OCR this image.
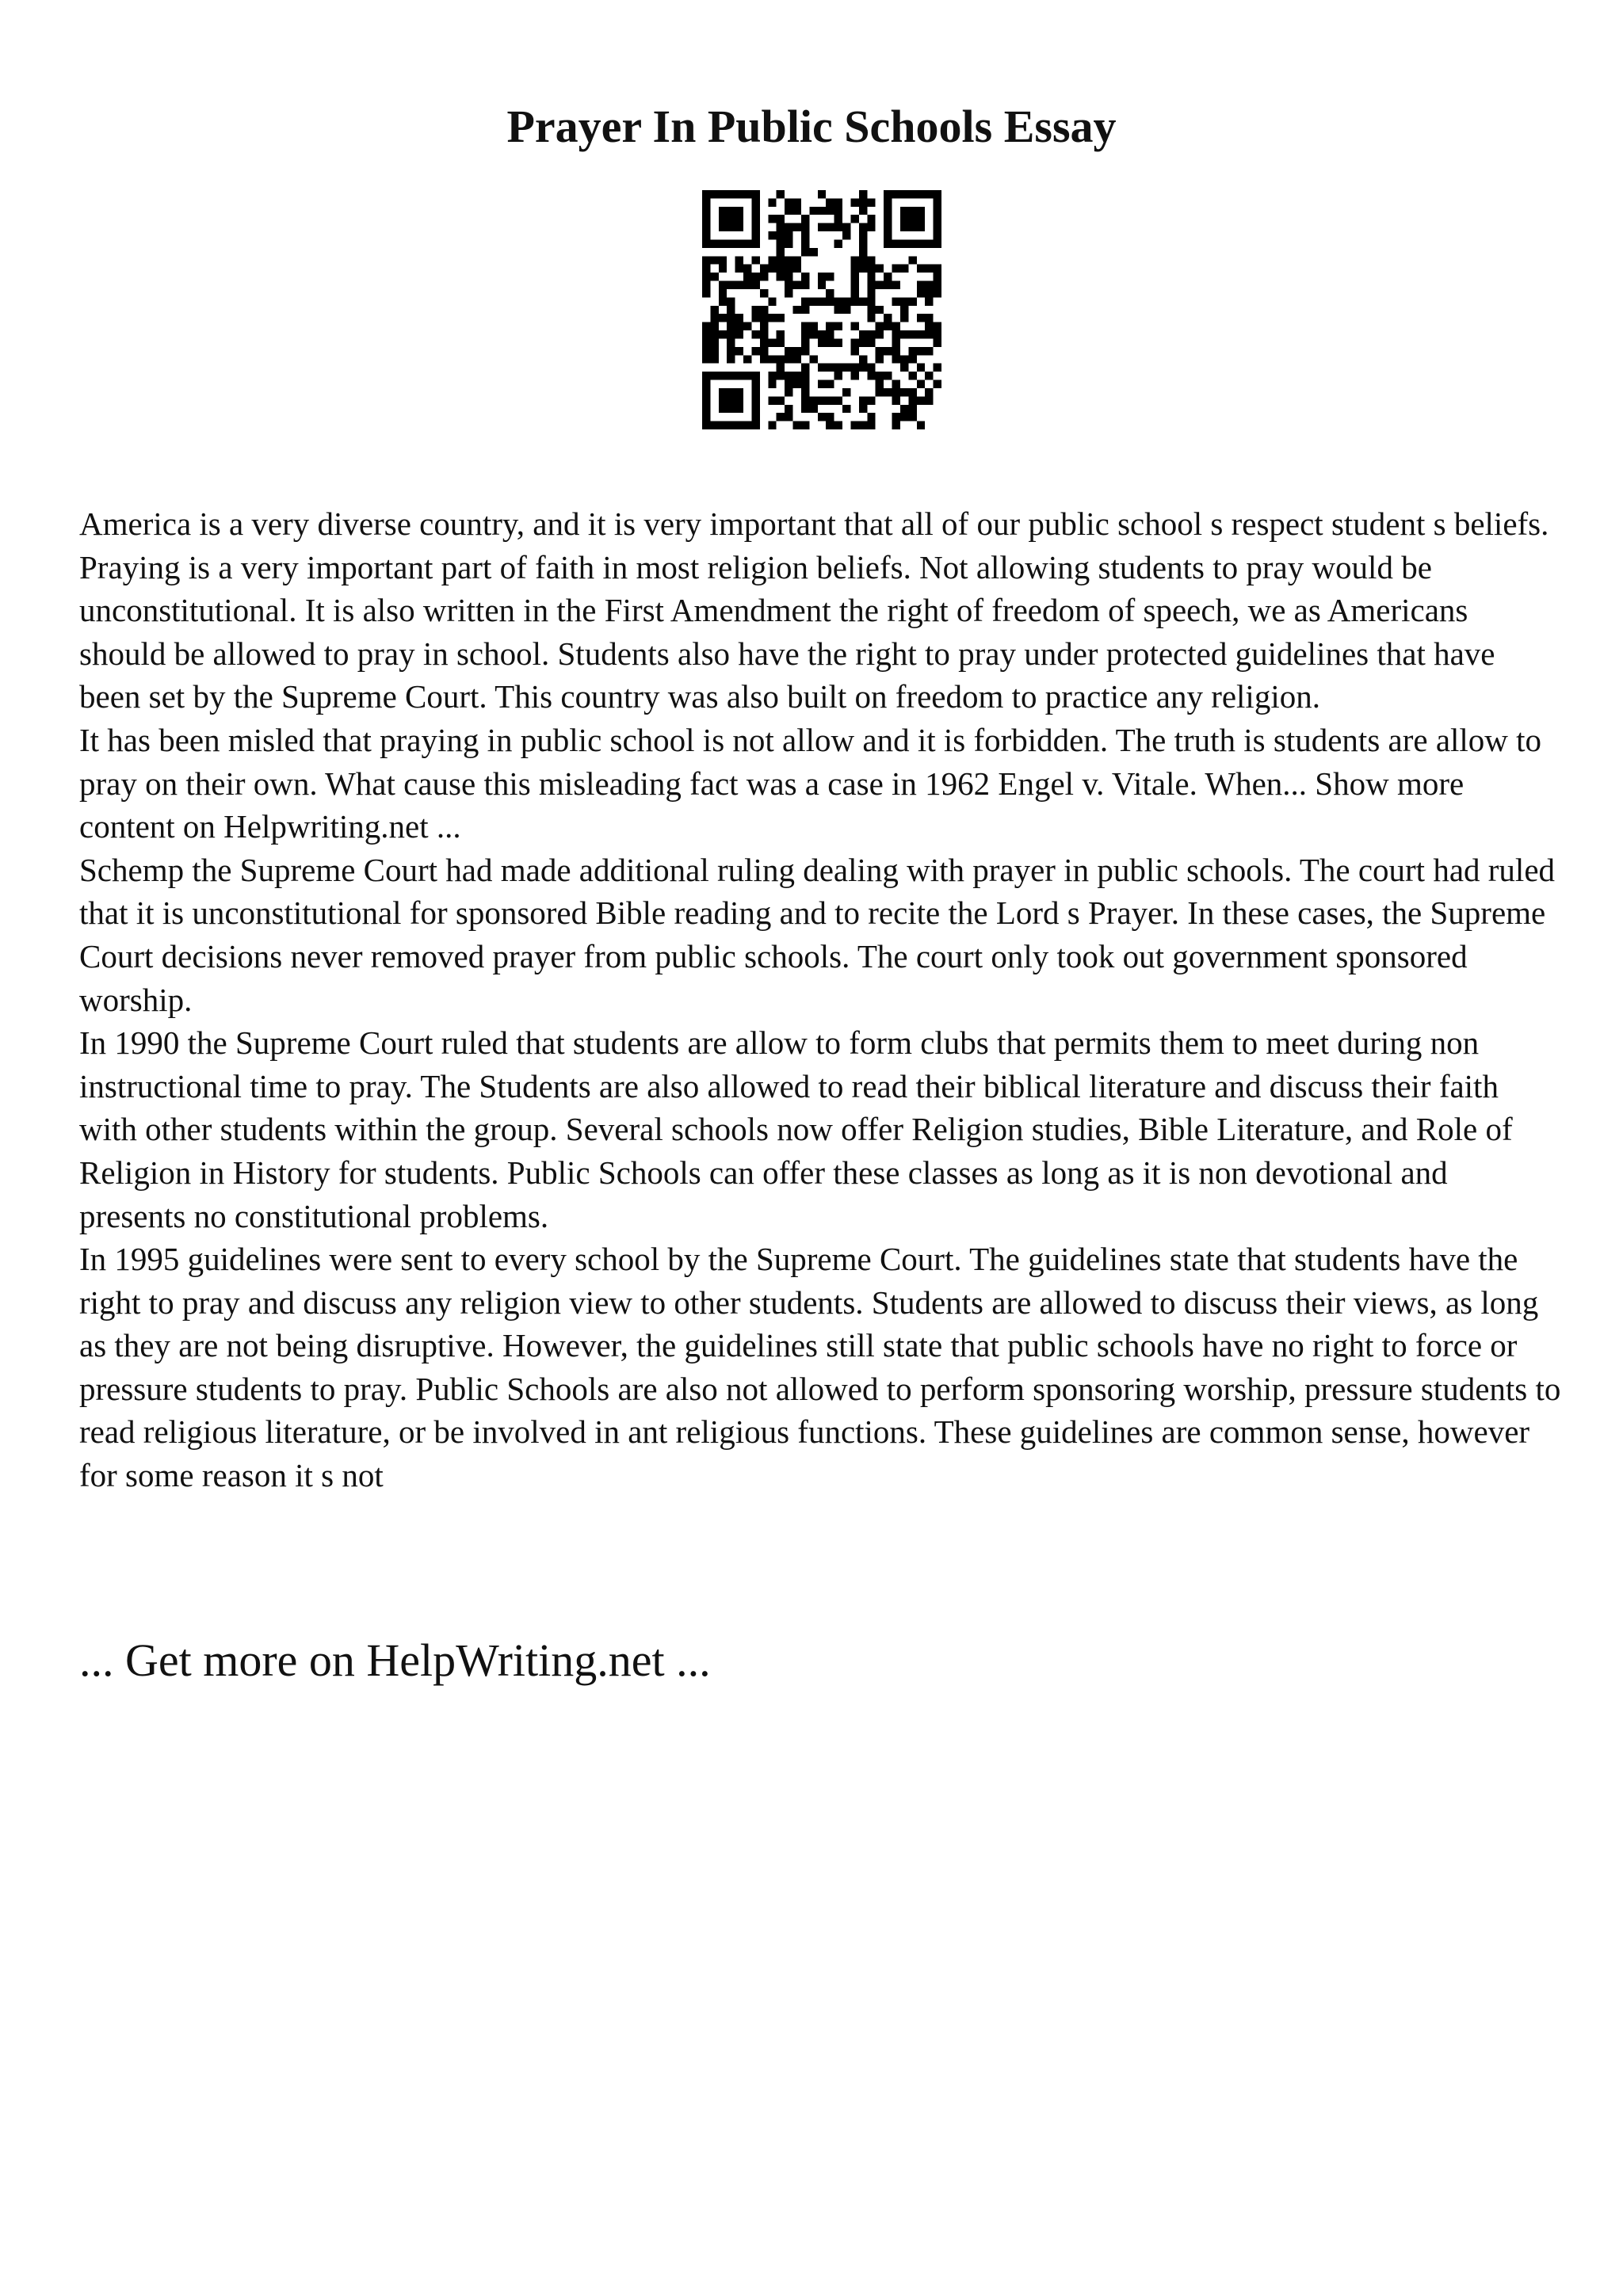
Prayer In Public Schools Essay

America is a very diverse country, and it is very important that all of our public school s respect student s beliefs. Praying is a very important part of faith in most religion beliefs. Not allowing students to pray would be unconstitutional. It is also written in the First Amendment the right of freedom of speech, we as Americans should be allowed to pray in school. Students also have the right to pray under protected guidelines that have been set by the Supreme Court. This country was also built on freedom to practice any religion.

It has been misled that praying in public school is not allow and it is forbidden. The truth is students are allow to pray on their own. What cause this misleading fact was a case in 1962 Engel v. Vitale. When... Show more content on Helpwriting.net ...

Schemp the Supreme Court had made additional ruling dealing with prayer in public schools. The court had ruled that it is unconstitutional for sponsored Bible reading and to recite the Lord s Prayer. In these cases, the Supreme Court decisions never removed prayer from public schools. The court only took out government sponsored worship.

In 1990 the Supreme Court ruled that students are allow to form clubs that permits them to meet during non instructional time to pray. The Students are also allowed to read their biblical literature and discuss their faith with other students within the group. Several schools now offer Religion studies, Bible Literature, and Role of Religion in History for students. Public Schools can offer these classes as long as it is non devotional and presents no constitutional problems.

In 1995 guidelines were sent to every school by the Supreme Court. The guidelines state that students have the right to pray and discuss any religion view to other students. Students are allowed to discuss their views, as long as they are not being disruptive. However, the guidelines still state that public schools have no right to force or pressure students to pray. Public Schools are also not allowed to perform sponsoring worship, pressure students to read religious literature, or be involved in ant religious functions. These guidelines are common sense, however for some reason it s not

... Get more on HelpWriting.net ...
